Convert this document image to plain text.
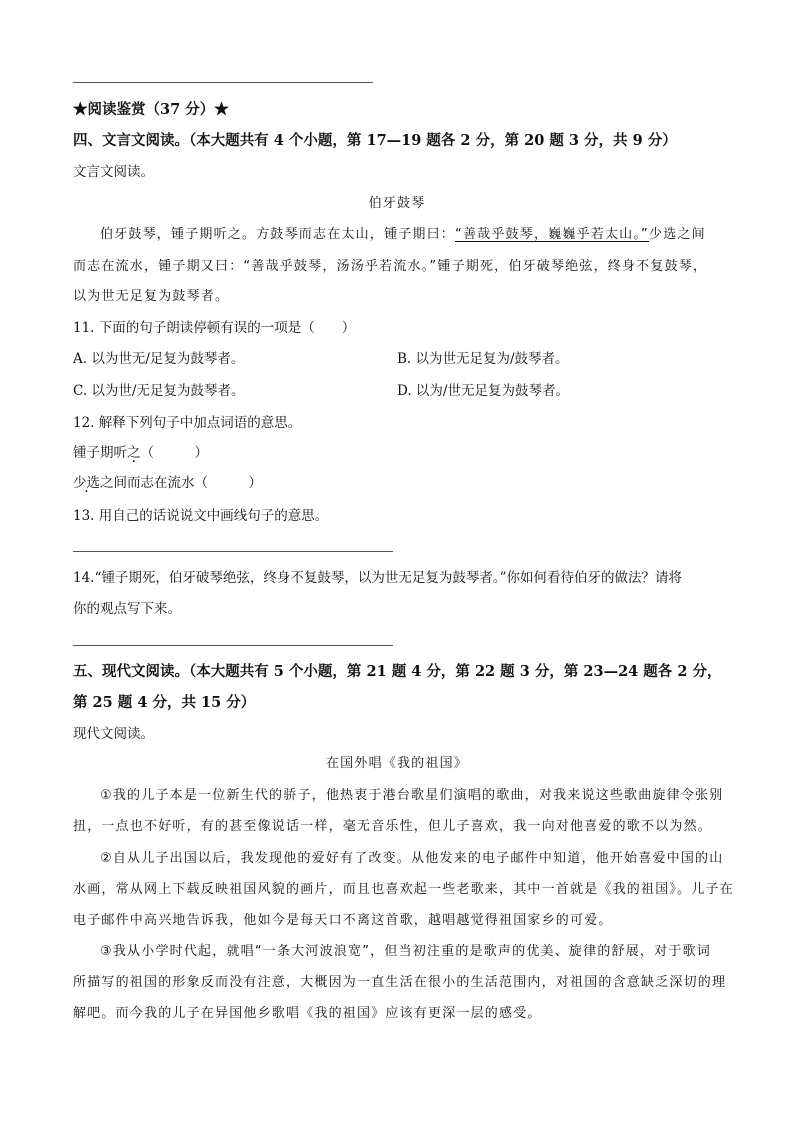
★阅读鉴赏（37 分）★
四、文言文阅读。（本大题共有 4 个小题，第 17—19 题各 2 分，第 20 题 3 分，共 9 分）
文言文阅读。
伯牙鼓琴
伯牙鼓琴，锺子期听之。方鼓琴而志在太山，锺子期曰：“善哉乎鼓琴，巍巍乎若太山。”少选之间
而志在流水，锺子期又曰：“善哉乎鼓琴，汤汤乎若流水。”锺子期死，伯牙破琴绝弦，终身不复鼓琴，
以为世无足复为鼓琴者。
11. 下面的句子朗读停顿有误的一项是（　　）
A. 以为世无/足复为鼓琴者。	B. 以为世无足复为/鼓琴者。
C. 以为世/无足复为鼓琴者。	D. 以为/世无足复为鼓琴者。
12. 解释下列句子中加点词语的意思。
锺子期听之（　　　）
少选之间而志在流水（　　　）
13. 用自己的话说说文中画线句子的意思。
14.“锺子期死，伯牙破琴绝弦，终身不复鼓琴，以为世无足复为鼓琴者。”你如何看待伯牙的做法？请将
你的观点写下来。
五、现代文阅读。（本大题共有 5 个小题，第 21 题 4 分，第 22 题 3 分，第 23—24 题各 2 分，
第 25 题 4 分，共 15 分）
现代文阅读。
在国外唱《我的祖国》
①我的儿子本是一位新生代的骄子，他热衷于港台歌星们演唱的歌曲，对我来说这些歌曲旋律令张别
扭，一点也不好听，有的甚至像说话一样，毫无音乐性，但儿子喜欢，我一向对他喜爱的歌不以为然。
②自从儿子出国以后，我发现他的爱好有了改变。从他发来的电子邮件中知道，他开始喜爱中国的山
水画，常从网上下载反映祖国风貌的画片，而且也喜欢起一些老歌来，其中一首就是《我的祖国》。儿子在
电子邮件中高兴地告诉我，他如今是每天口不离这首歌，越唱越觉得祖国家乡的可爱。
③我从小学时代起，就唱“一条大河波浪宽”，但当初注重的是歌声的优美、旋律的舒展，对于歌词
所描写的祖国的形象反而没有注意，大概因为一直生活在很小的生活范围内，对祖国的含意缺乏深切的理
解吧。而今我的儿子在异国他乡歌唱《我的祖国》应该有更深一层的感受。
